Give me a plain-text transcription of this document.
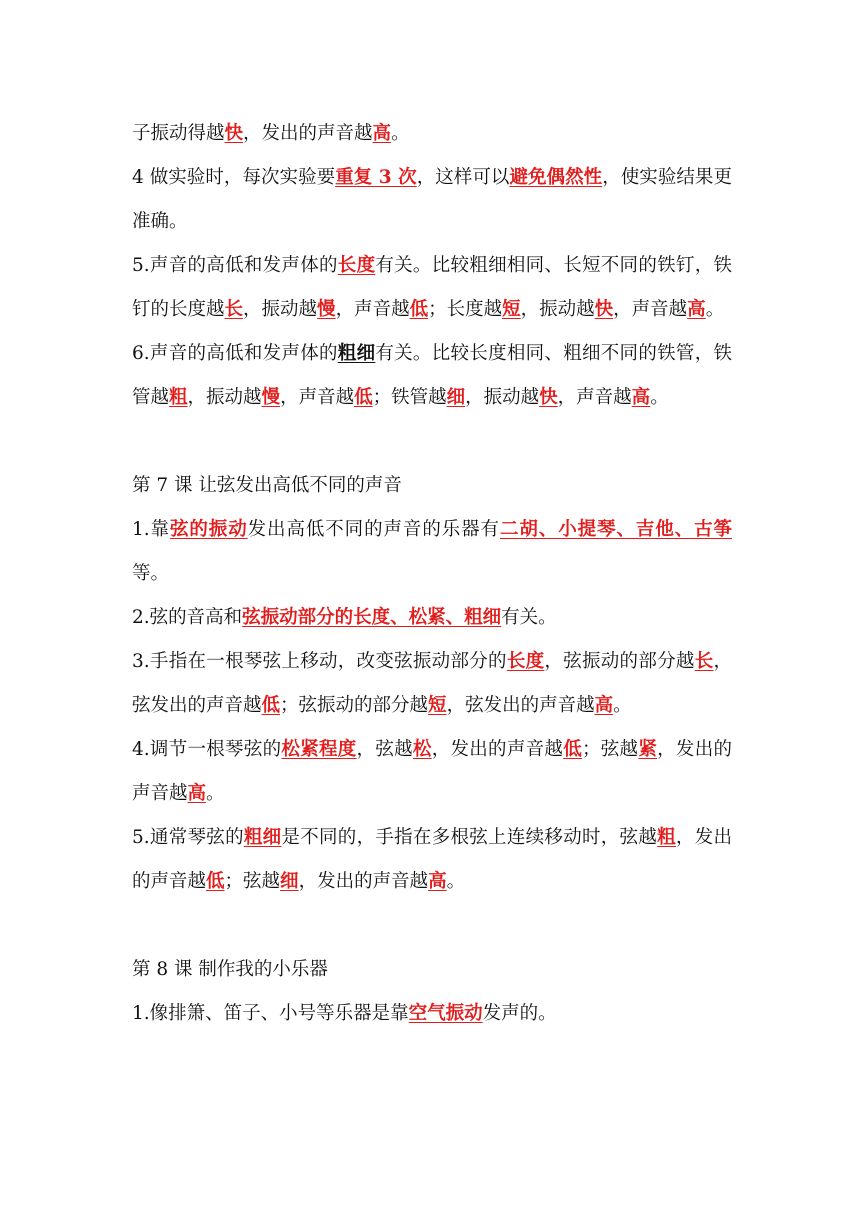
子振动得越快，发出的声音越高。

4 做实验时，每次实验要重复 3 次，这样可以避免偶然性，使实验结果更准确。

5.声音的高低和发声体的长度有关。比较粗细相同、长短不同的铁钉，铁钉的长度越长，振动越慢，声音越低；长度越短，振动越快，声音越高。

6.声音的高低和发声体的粗细有关。比较长度相同、粗细不同的铁管，铁管越粗，振动越慢，声音越低；铁管越细，振动越快，声音越高。

第 7 课 让弦发出高低不同的声音

1.靠弦的振动发出高低不同的声音的乐器有二胡、小提琴、吉他、古筝等。

2.弦的音高和弦振动部分的长度、松紧、粗细有关。

3.手指在一根琴弦上移动，改变弦振动部分的长度，弦振动的部分越长，弦发出的声音越低；弦振动的部分越短，弦发出的声音越高。

4.调节一根琴弦的松紧程度，弦越松，发出的声音越低；弦越紧，发出的声音越高。

5.通常琴弦的粗细是不同的，手指在多根弦上连续移动时，弦越粗，发出的声音越低；弦越细，发出的声音越高。

第 8 课 制作我的小乐器

1.像排箫、笛子、小号等乐器是靠空气振动发声的。
